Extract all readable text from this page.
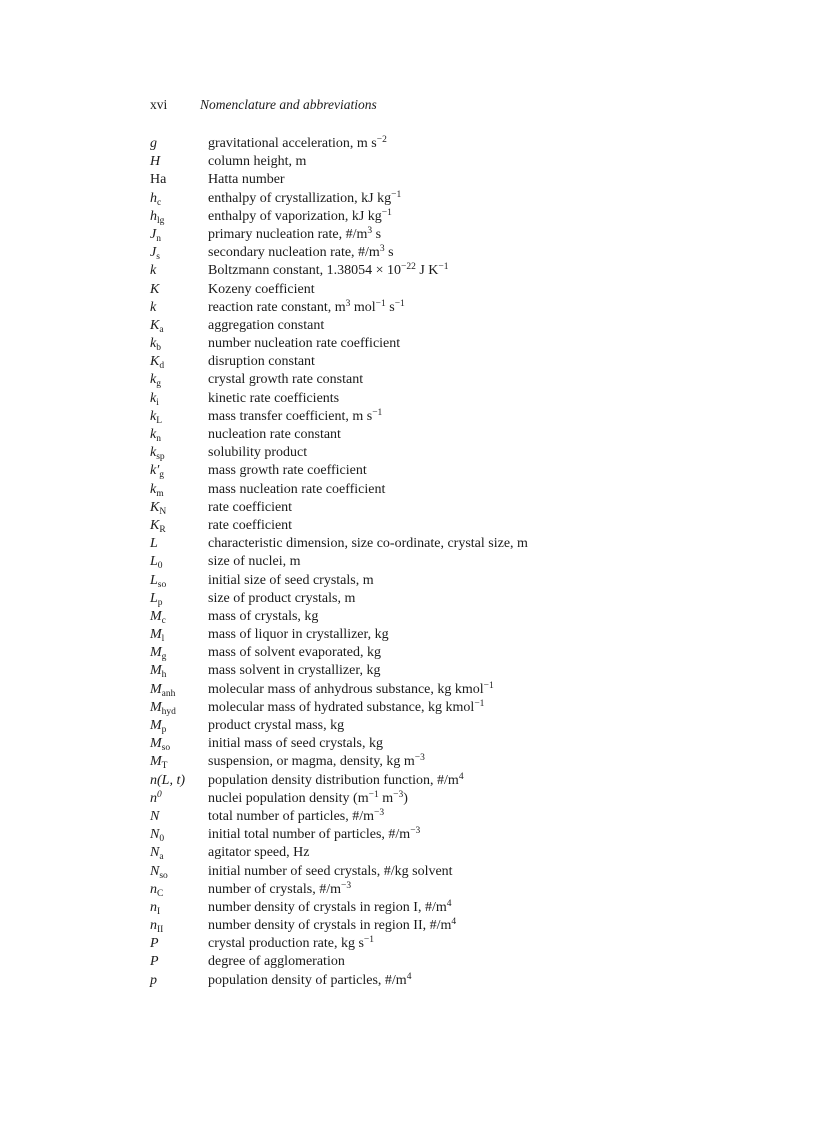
xvi Nomenclature and abbreviations
g	gravitational acceleration, m $s^{-2}$
H	column height, m
Ha	Hatta number
$h_c$	enthalpy of crystallization, kJ $kg^{-1}$
$h_{lg}$	enthalpy of vaporization, kJ $kg^{-1}$
$J_n$	primary nucleation rate, $\#/m^3$ s
$J_s$	secondary nucleation rate, $\#/m^3$ s
k	Boltzmann constant, $1.38054 \times 10^{-22}$ J $K^{-1}$
K	Kozeny coefficient
k	reaction rate constant, $m^3$ mol$^{-1}$ $s^{-1}$
$K_a$	aggregation constant
$k_b$	number nucleation rate coefficient
$K_d$	disruption constant
$k_g$	crystal growth rate constant
$k_i$	kinetic rate coefficients
$k_L$	mass transfer coefficient, m $s^{-1}$
$k_n$	nucleation rate constant
$k_{sp}$	solubility product
$k'_g$	mass growth rate coefficient
$k_m$	mass nucleation rate coefficient
$K_N$	rate coefficient
$K_R$	rate coefficient
L	characteristic dimension, size co-ordinate, crystal size, m
$L_0$	size of nuclei, m
$L_{so}$	initial size of seed crystals, m
$L_p$	size of product crystals, m
$M_c$	mass of crystals, kg
$M_l$	mass of liquor in crystallizer, kg
$M_g$	mass of solvent evaporated, kg
$M_h$	mass solvent in crystallizer, kg
$M_{anh}$ molecular mass of anhydrous substance, kg kmol$^{-1}$
$M_{hyd}$ molecular mass of hydrated substance, kg kmol$^{-1}$
$M_p$	product crystal mass, kg
$M_{so}$	initial mass of seed crystals, kg
$M_T$	suspension, or magma, density, kg $m^{-3}$
n(L, t) population density distribution function, $\#/m^4$
$n^0$	nuclei population density ($m^{-1}$ $m^{-3}$)
N	total number of particles, $\#/m^{-3}$
$N_0$	initial total number of particles, $\#/m^{-3}$
$N_a$	agitator speed, Hz
$N_{so}$	initial number of seed crystals, #/kg solvent
$n_C$	number of crystals, $\#/m^{-3}$
$n_I$	number density of crystals in region I, $\#/m^4$
$n_{II}$	number density of crystals in region II, $\#/m^4$
P	crystal production rate, kg $s^{-1}$
P	degree of agglomeration
p	population density of particles, $\#/m^4$
